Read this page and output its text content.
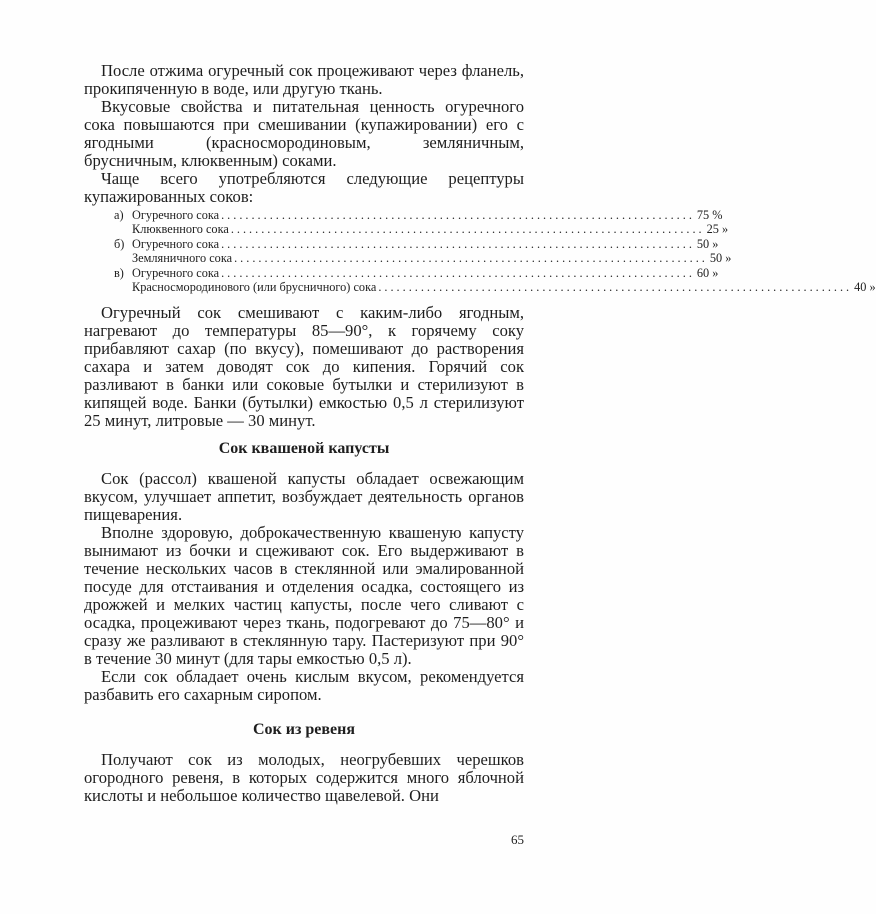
После отжима огуречный сок процеживают через фланель, прокипяченную в воде, или другую ткань.

Вкусовые свойства и питательная ценность огуречного сока повышаются при смешивании (купажировании) его с ягодными (красносмородиновым, земляничным, брусничным, клюквенным) соками.

Чаще всего употребляются следующие рецептуры купажированных соков:

а) Огуречного сока .............................................................................. 75 %
Клюквенного сока .............................................................................. 25 »
б) Огуречного сока .............................................................................. 50 »
Земляничного сока .............................................................................. 50 »
в) Огуречного сока .............................................................................. 60 »
Красносмородинового (или брусничного) сока .............................................................................. 40 »

Огуречный сок смешивают с каким-либо ягодным, нагревают до температуры 85—90°, к горячему соку прибавляют сахар (по вкусу), помешивают до растворения сахара и затем доводят сок до кипения. Горячий сок разливают в банки или соковые бутылки и стерилизуют в кипящей воде. Банки (бутылки) емкостью 0,5 л стерилизуют 25 минут, литровые — 30 минут.

Сок квашеной капусты

Сок (рассол) квашеной капусты обладает освежающим вкусом, улучшает аппетит, возбуждает деятельность органов пищеварения.

Вполне здоровую, доброкачественную квашеную капусту вынимают из бочки и сцеживают сок. Его выдерживают в течение нескольких часов в стеклянной или эмалированной посуде для отстаивания и отделения осадка, состоящего из дрожжей и мелких частиц капусты, после чего сливают с осадка, процеживают через ткань, подогревают до 75—80° и сразу же разливают в стеклянную тару. Пастеризуют при 90° в течение 30 минут (для тары емкостью 0,5 л).

Если сок обладает очень кислым вкусом, рекомендуется разбавить его сахарным сиропом.

Сок из ревеня

Получают сок из молодых, неогрубевших черешков огородного ревеня, в которых содержится много яблочной кислоты и небольшое количество щавелевой. Они

65
